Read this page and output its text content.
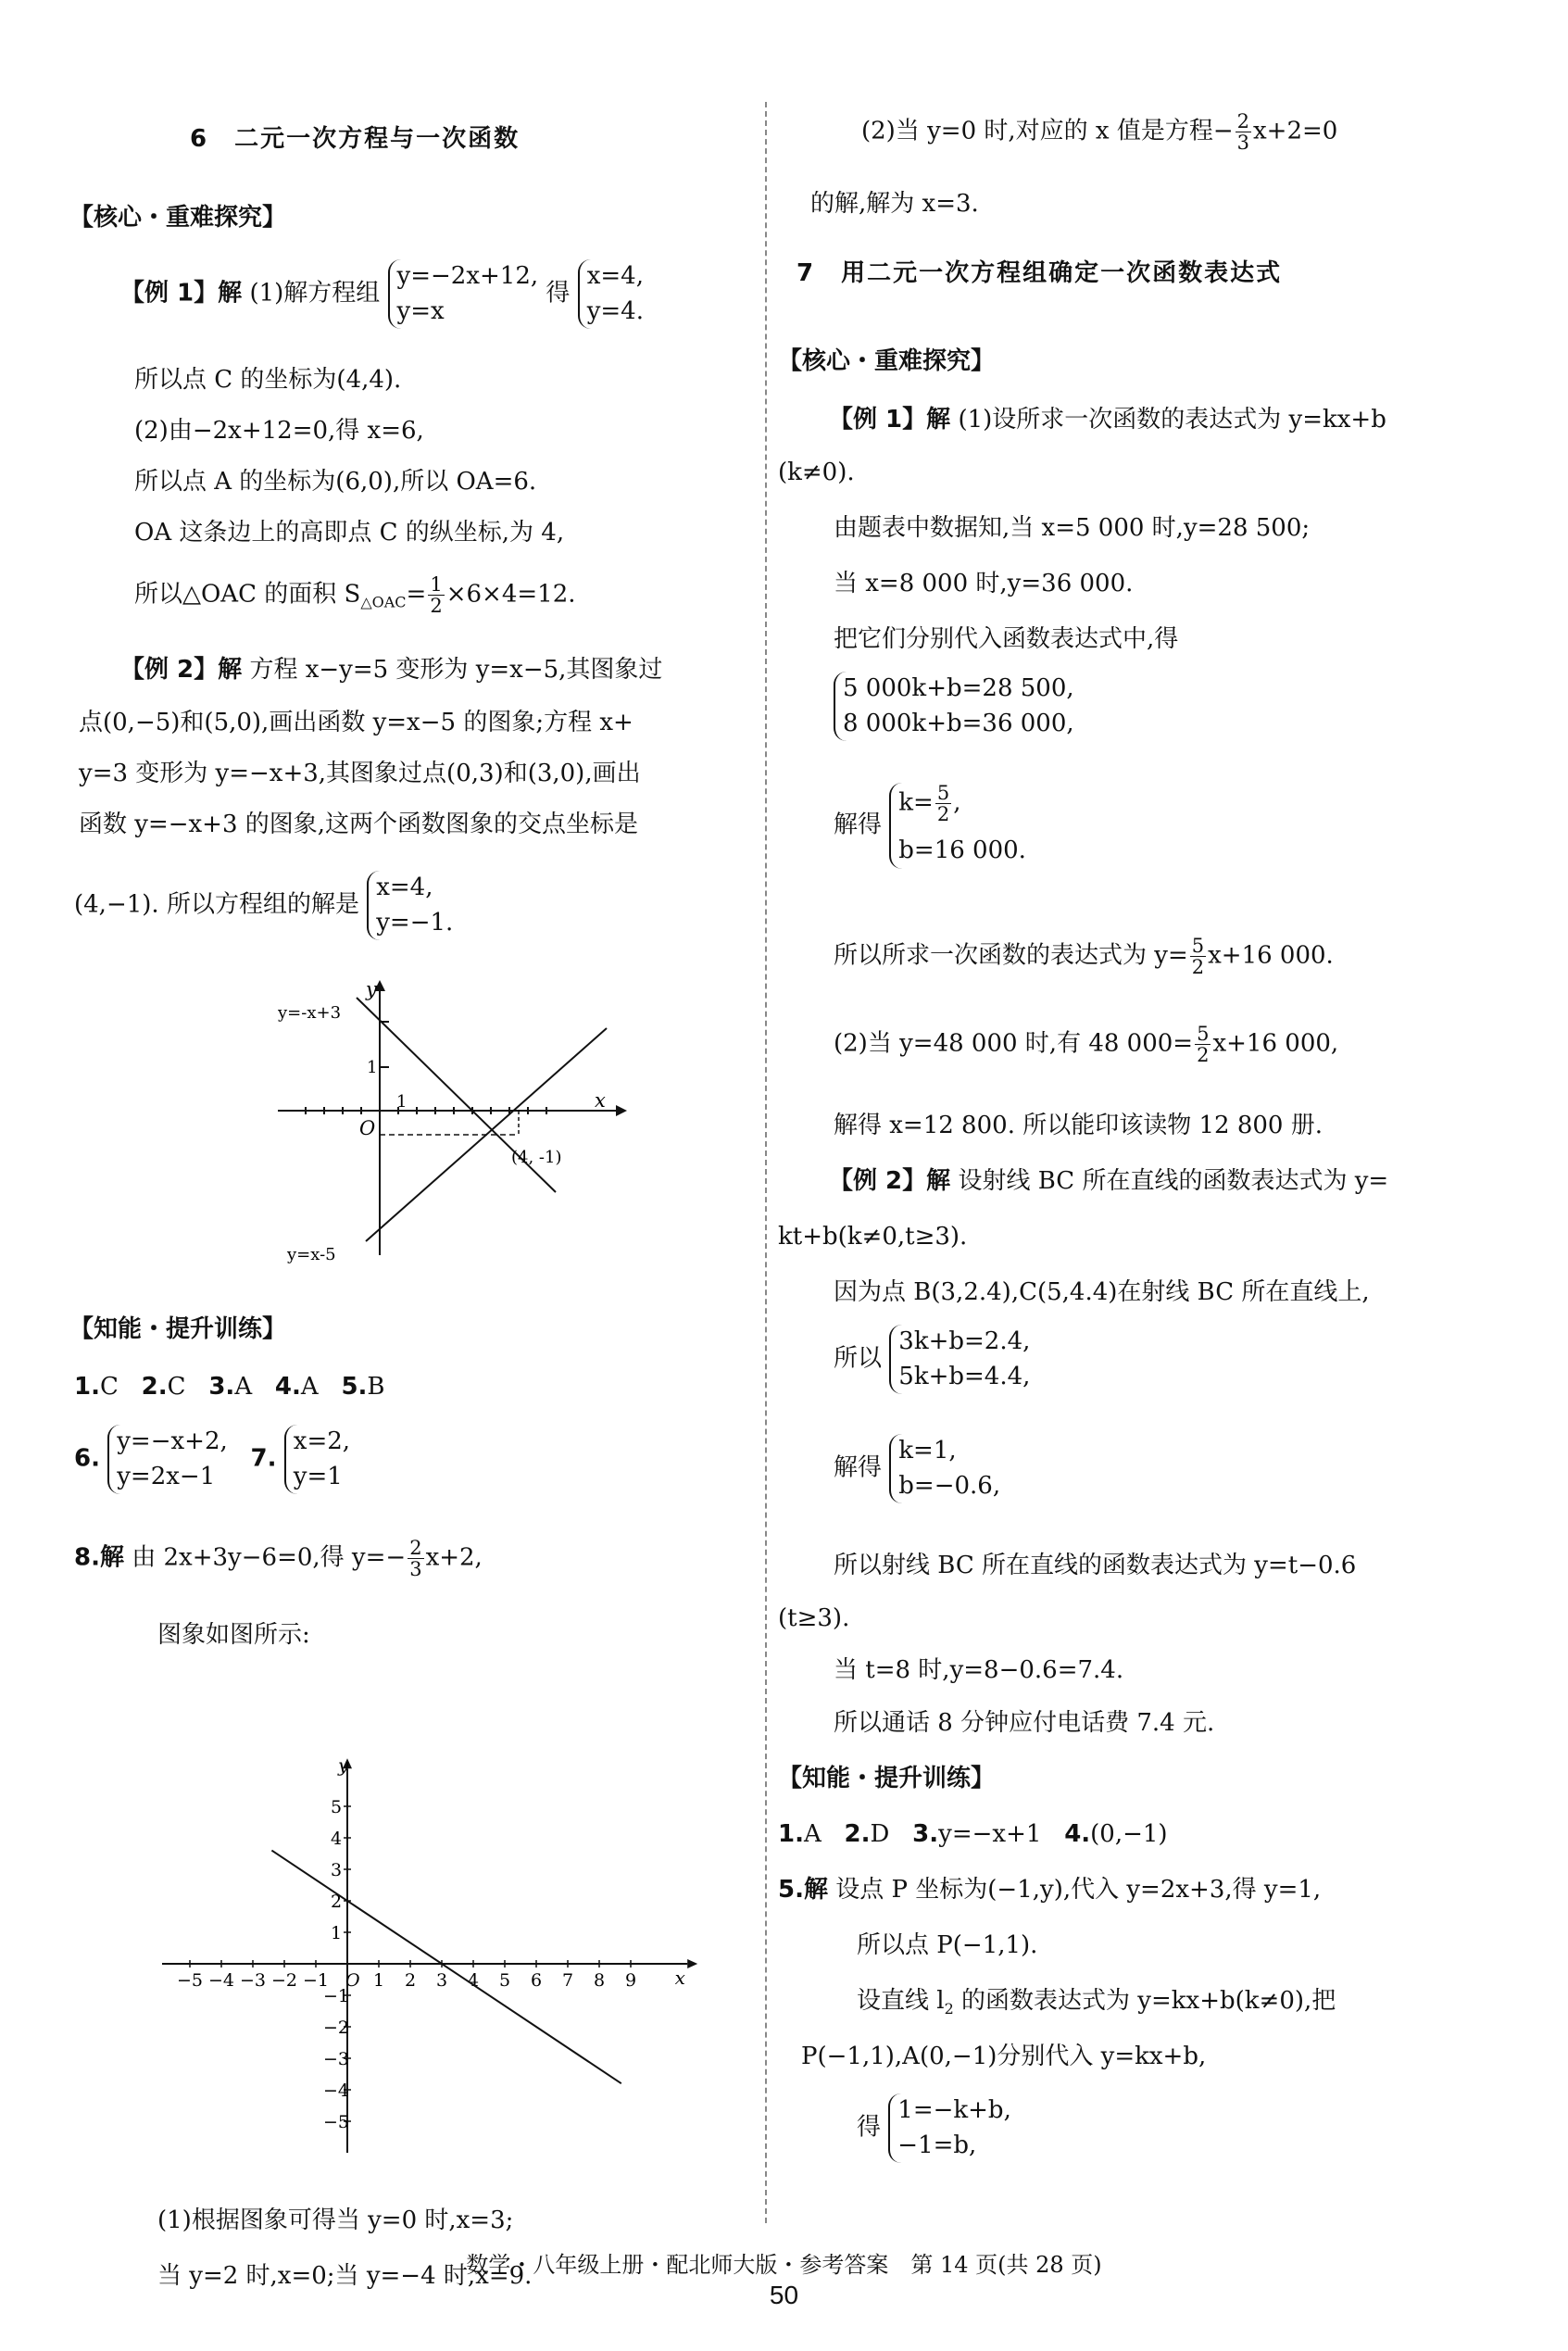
6　二元一次方程与一次函数
【核心・重难探究】
【例 1】解 (1)解方程组
y=−2x+12,
y=x
得
x=4,
y=4.
所以点 C 的坐标为(4,4).
(2)由−2x+12=0,得 x=6,
所以点 A 的坐标为(6,0),所以 OA=6.
OA 这条边上的高即点 C 的纵坐标,为 4,
所以△OAC 的面积 $S_{\triangle OAC}= \frac{1}{2} \times 6\times 4=12$.
【例 2】解 方程 x−y=5 变形为 y=x−5,其图象过
点(0,−5)和(5,0),画出函数 y=x−5 的图象;方程 x+
y=3 变形为 y=−x+3,其图象过点(0,3)和(3,0),画出
函数 y=−x+3 的图象,这两个函数图象的交点坐标是
(4,−1). 所以方程组的解是
x=4,
y=−1.
y
x
O
1
1
y=-x+3
y=x-5
(4, -1)
【知能・提升训练】
1.C 2.C 3.A 4.A 5.B
6.
y=−x+2,
y=2x−1
7.
x=2,
y=1
8.解 由 2x+3y−6=0,得 $y=- \frac{2}{3} x+2$,
图象如图所示:
−5 −4 −3 −2 −1	1 2 3 4 5 6 7 8 9
5
4
3
2
1
−1
−2
−3
−4
−5
y
x
O
(1)根据图象可得当 y=0 时,x=3;
当 y=2 时,x=0;当 y=−4 时,x=9.
(2)当 y=0 时,对应的 x 值是方程− $\frac{2}{3} x+2=0$
的解,解为 x=3.
7　用二元一次方程组确定一次函数表达式
【核心・重难探究】
【例 1】解 (1)设所求一次函数的表达式为 y=kx+b
(k≠0).
由题表中数据知,当 x=5 000 时,y=28 500;
当 x=8 000 时,y=36 000.
把它们分别代入函数表达式中,得
5 000k+b=28 500,
8 000k+b=36 000,
解得
$k= \frac{5}{2}$ ,
b=16 000.
所以所求一次函数的表达式为 $y= \frac{5}{2} x+16$ 000.
(2)当 y=48 000 时,有 48 $000= \frac{5}{2} x+16$ 000,
解得 x=12 800. 所以能印该读物 12 800 册.
【例 2】解 设射线 BC 所在直线的函数表达式为 y=
kt+b(k≠0,t≥3).
因为点 B(3,2.4),C(5,4.4)在射线 BC 所在直线上,
所以
3k+b=2.4,
5k+b=4.4,
解得
k=1,
b=−0.6,
所以射线 BC 所在直线的函数表达式为 y=t−0.6
(t≥3).
当 t=8 时,y=8−0.6=7.4.
所以通话 8 分钟应付电话费 7.4 元.
【知能・提升训练】
1.A 2.D 3.y=−x+1 4.(0,−1)
5.解 设点 P 坐标为(−1,y),代入 y=2x+3,得 y=1,
所以点 P(−1,1).
设直线 $l_2$ 的函数表达式为 y=kx+b(k≠0),把
P(−1,1),A(0,−1)分别代入 y=kx+b,
得
1=−k+b,
−1=b,
数学・八年级上册・配北师大版・参考答案　第 14 页(共 28 页)
50
